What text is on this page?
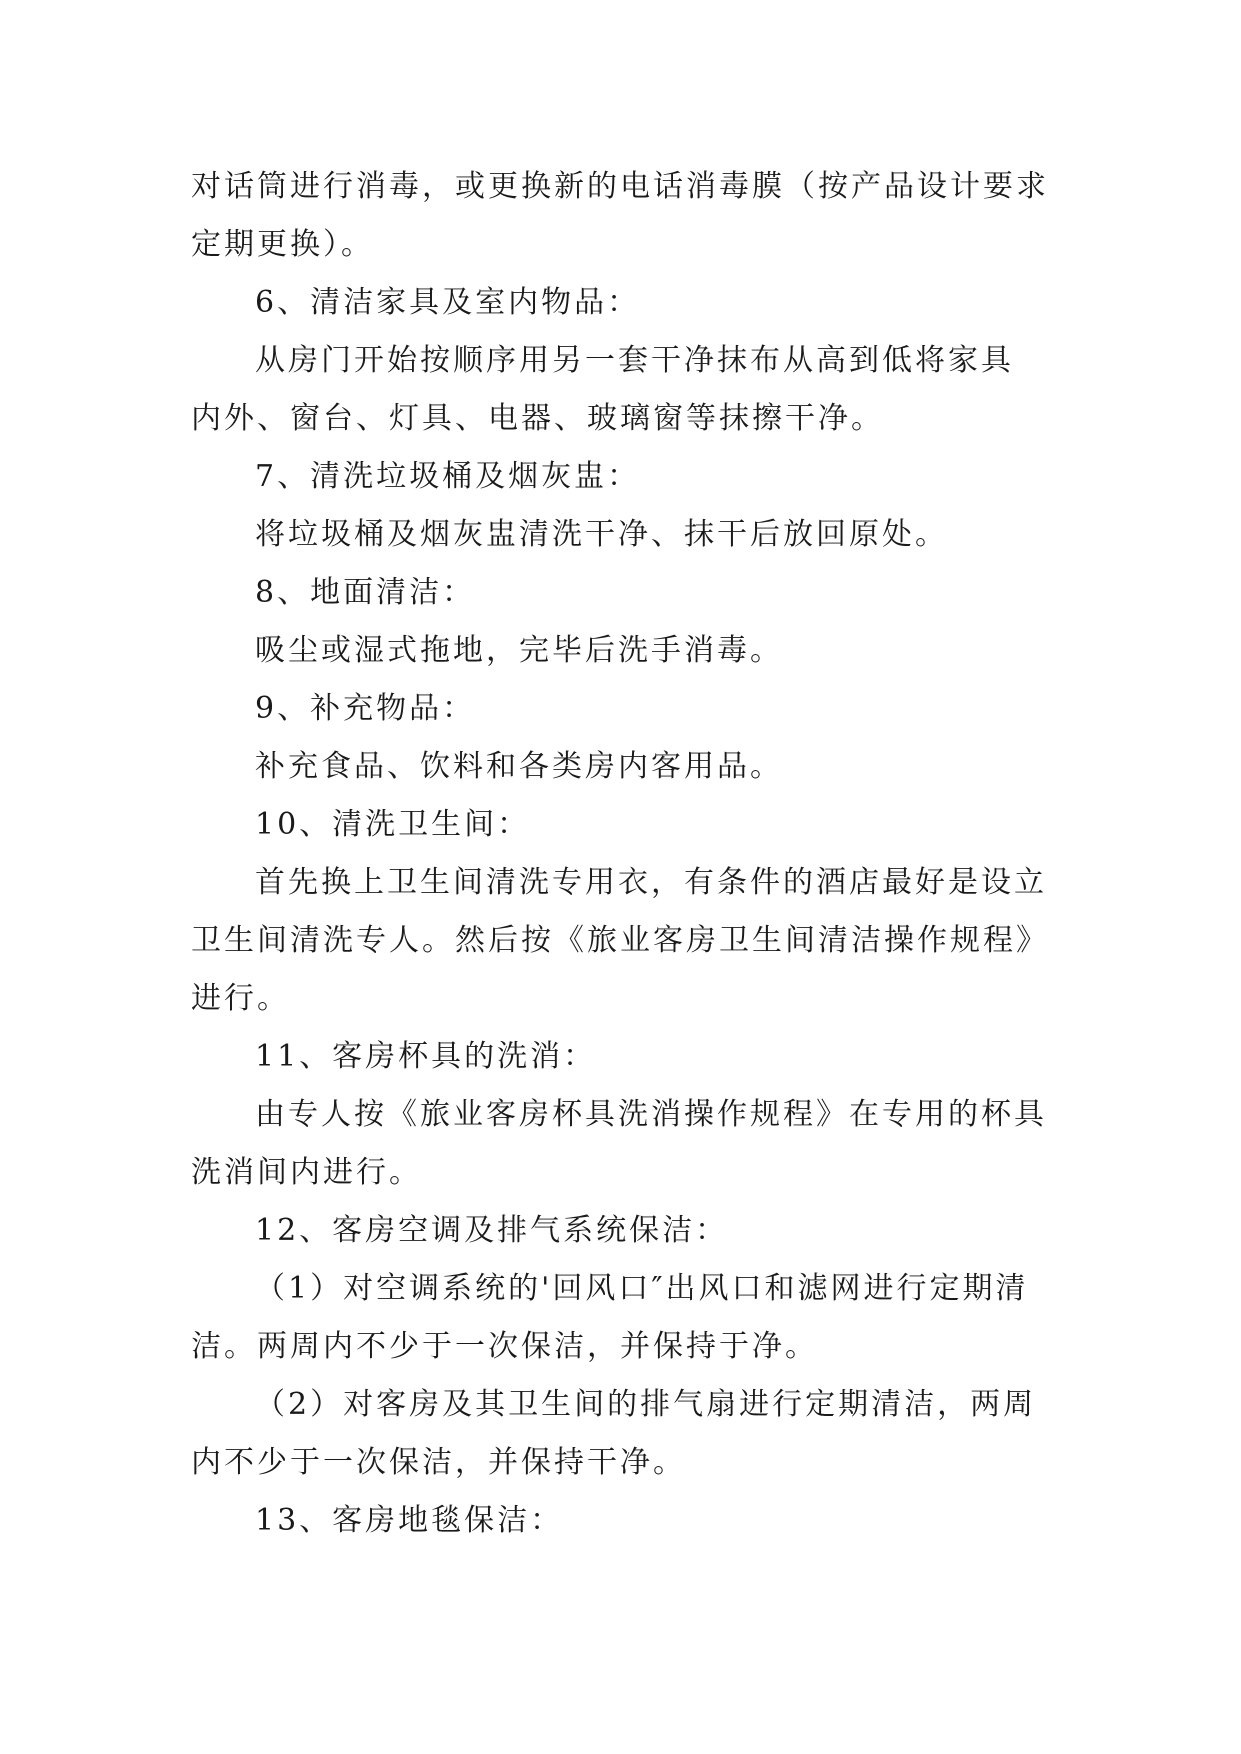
对话筒进行消毒，或更换新的电话消毒膜（按产品设计要求
定期更换）。
6、清洁家具及室内物品：
从房门开始按顺序用另一套干净抹布从高到低将家具
内外、窗台、灯具、电器、玻璃窗等抹擦干净。
7、清洗垃圾桶及烟灰盅：
将垃圾桶及烟灰盅清洗干净、抹干后放回原处。
8、地面清洁：
吸尘或湿式拖地，完毕后洗手消毒。
9、补充物品：
补充食品、饮料和各类房内客用品。
10、清洗卫生间：
首先换上卫生间清洗专用衣，有条件的酒店最好是设立
卫生间清洗专人。然后按《旅业客房卫生间清洁操作规程》
进行。
11、客房杯具的洗消：
由专人按《旅业客房杯具洗消操作规程》在专用的杯具
洗消间内进行。
12、客房空调及排气系统保洁：
（1）对空调系统的'回风口″出风口和滤网进行定期清
洁。两周内不少于一次保洁，并保持于净。
（2）对客房及其卫生间的排气扇进行定期清洁，两周
内不少于一次保洁，并保持干净。
13、客房地毯保洁：
